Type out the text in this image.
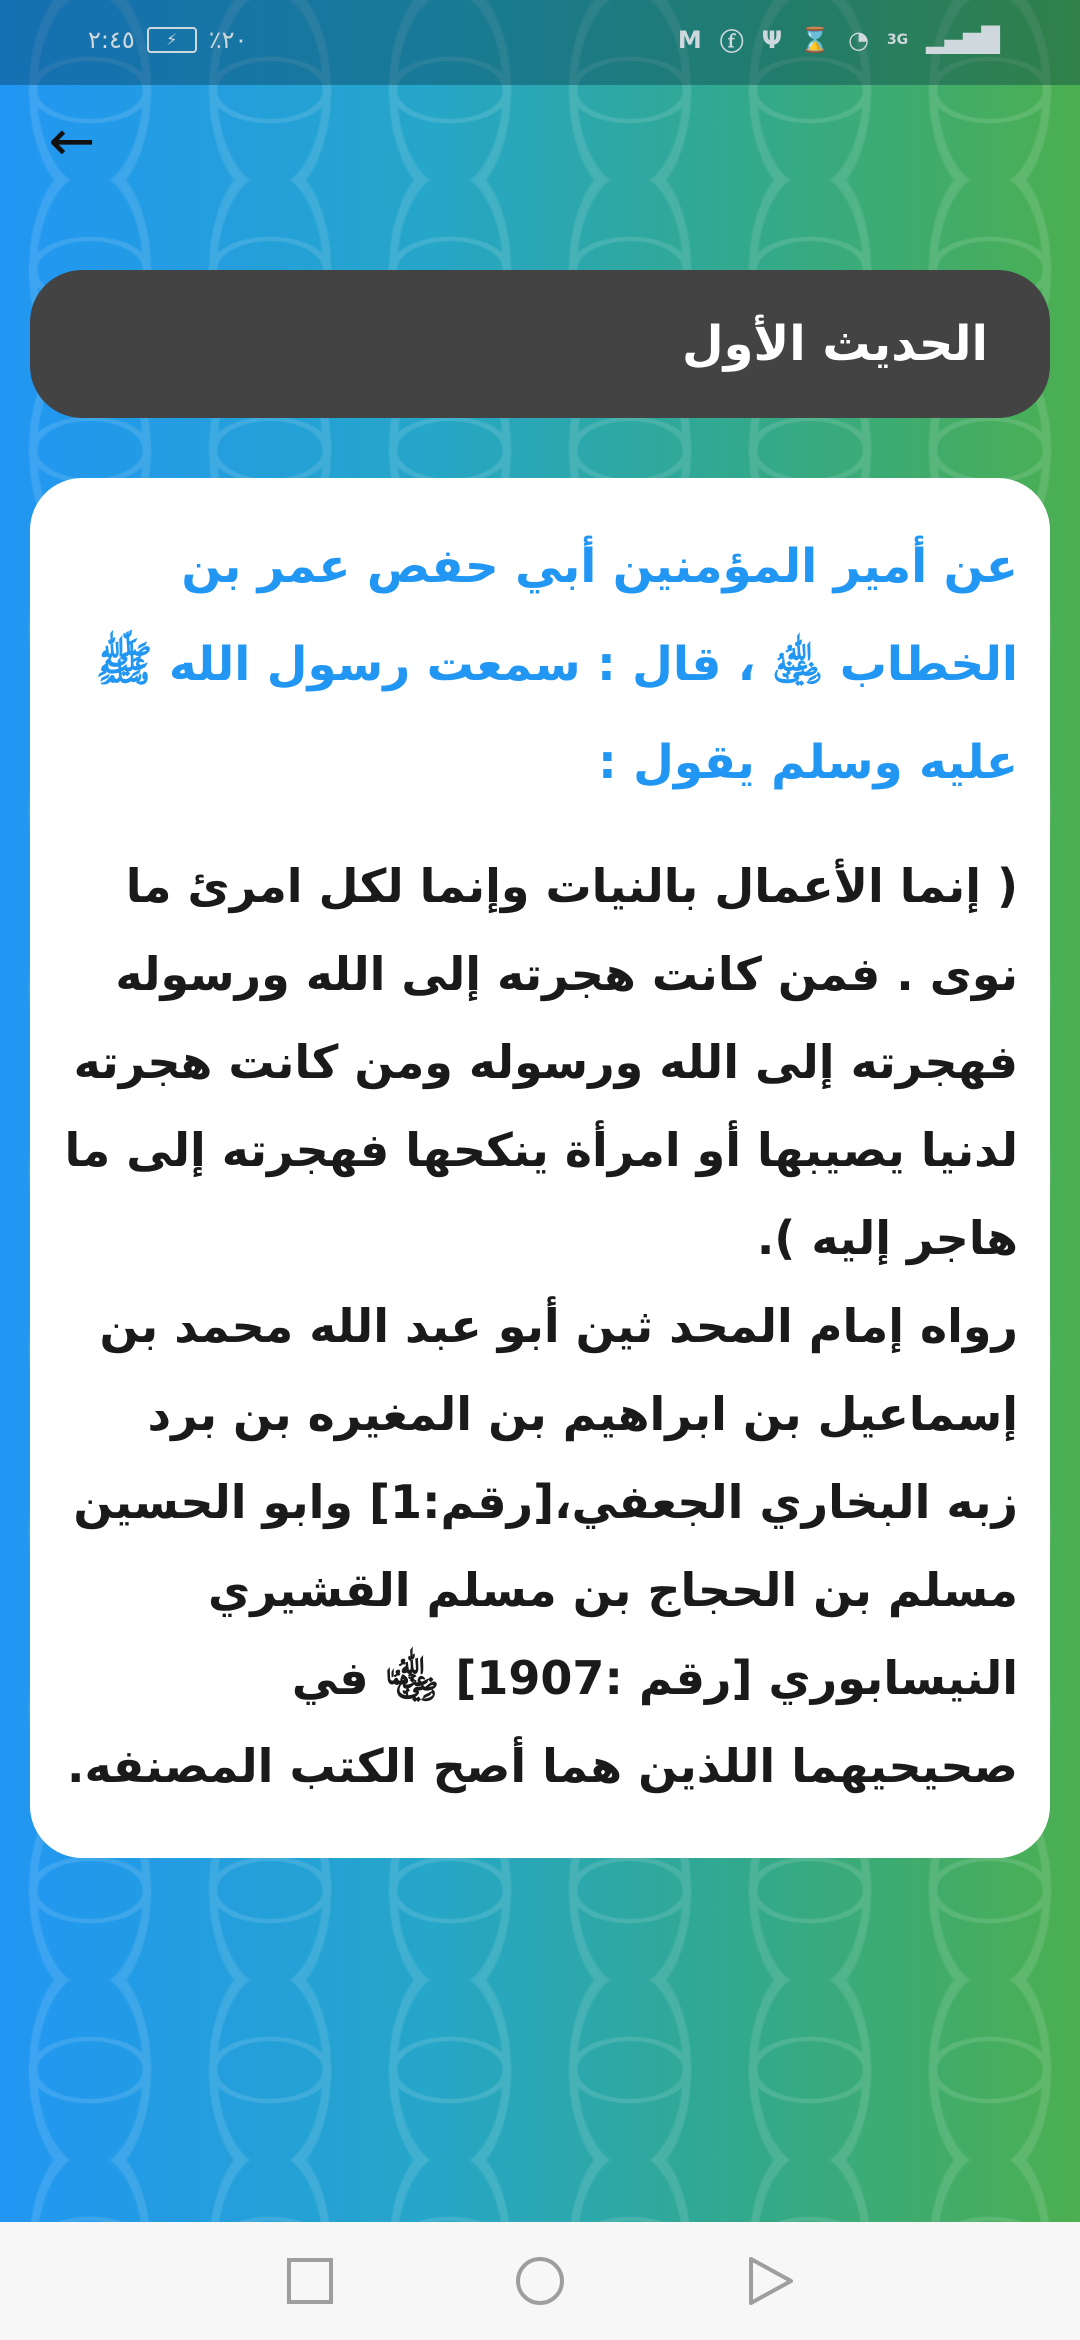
٢:٤٥	⚡	٪٢٠	M ⓕ Ψ ⌛ ◔ 3G ▂▄▆█
←
الحديث الأول

عن أمير المؤمنين أبي حفص عمر بن الخطاب ﵁ ، قال : سمعت رسول الله ﷺ عليه وسلم يقول :

( إنما الأعمال بالنيات وإنما لكل امرئ ما نوى . فمن كانت هجرته إلى الله ورسوله فهجرته إلى الله ورسوله ومن كانت هجرته لدنيا يصيبها أو امرأة ينكحها فهجرته إلى ما هاجر إليه ).

رواه إمام المحد ثين أبو عبد الله محمد بن إسماعيل بن ابراهيم بن المغيره بن برد زبه البخاري الجعفي،[رقم:1] وابو الحسين مسلم بن الحجاج بن مسلم القشيري النيسابوري [رقم :1907] ﵄ في صحيحيهما اللذين هما أصح الكتب المصنفه.
